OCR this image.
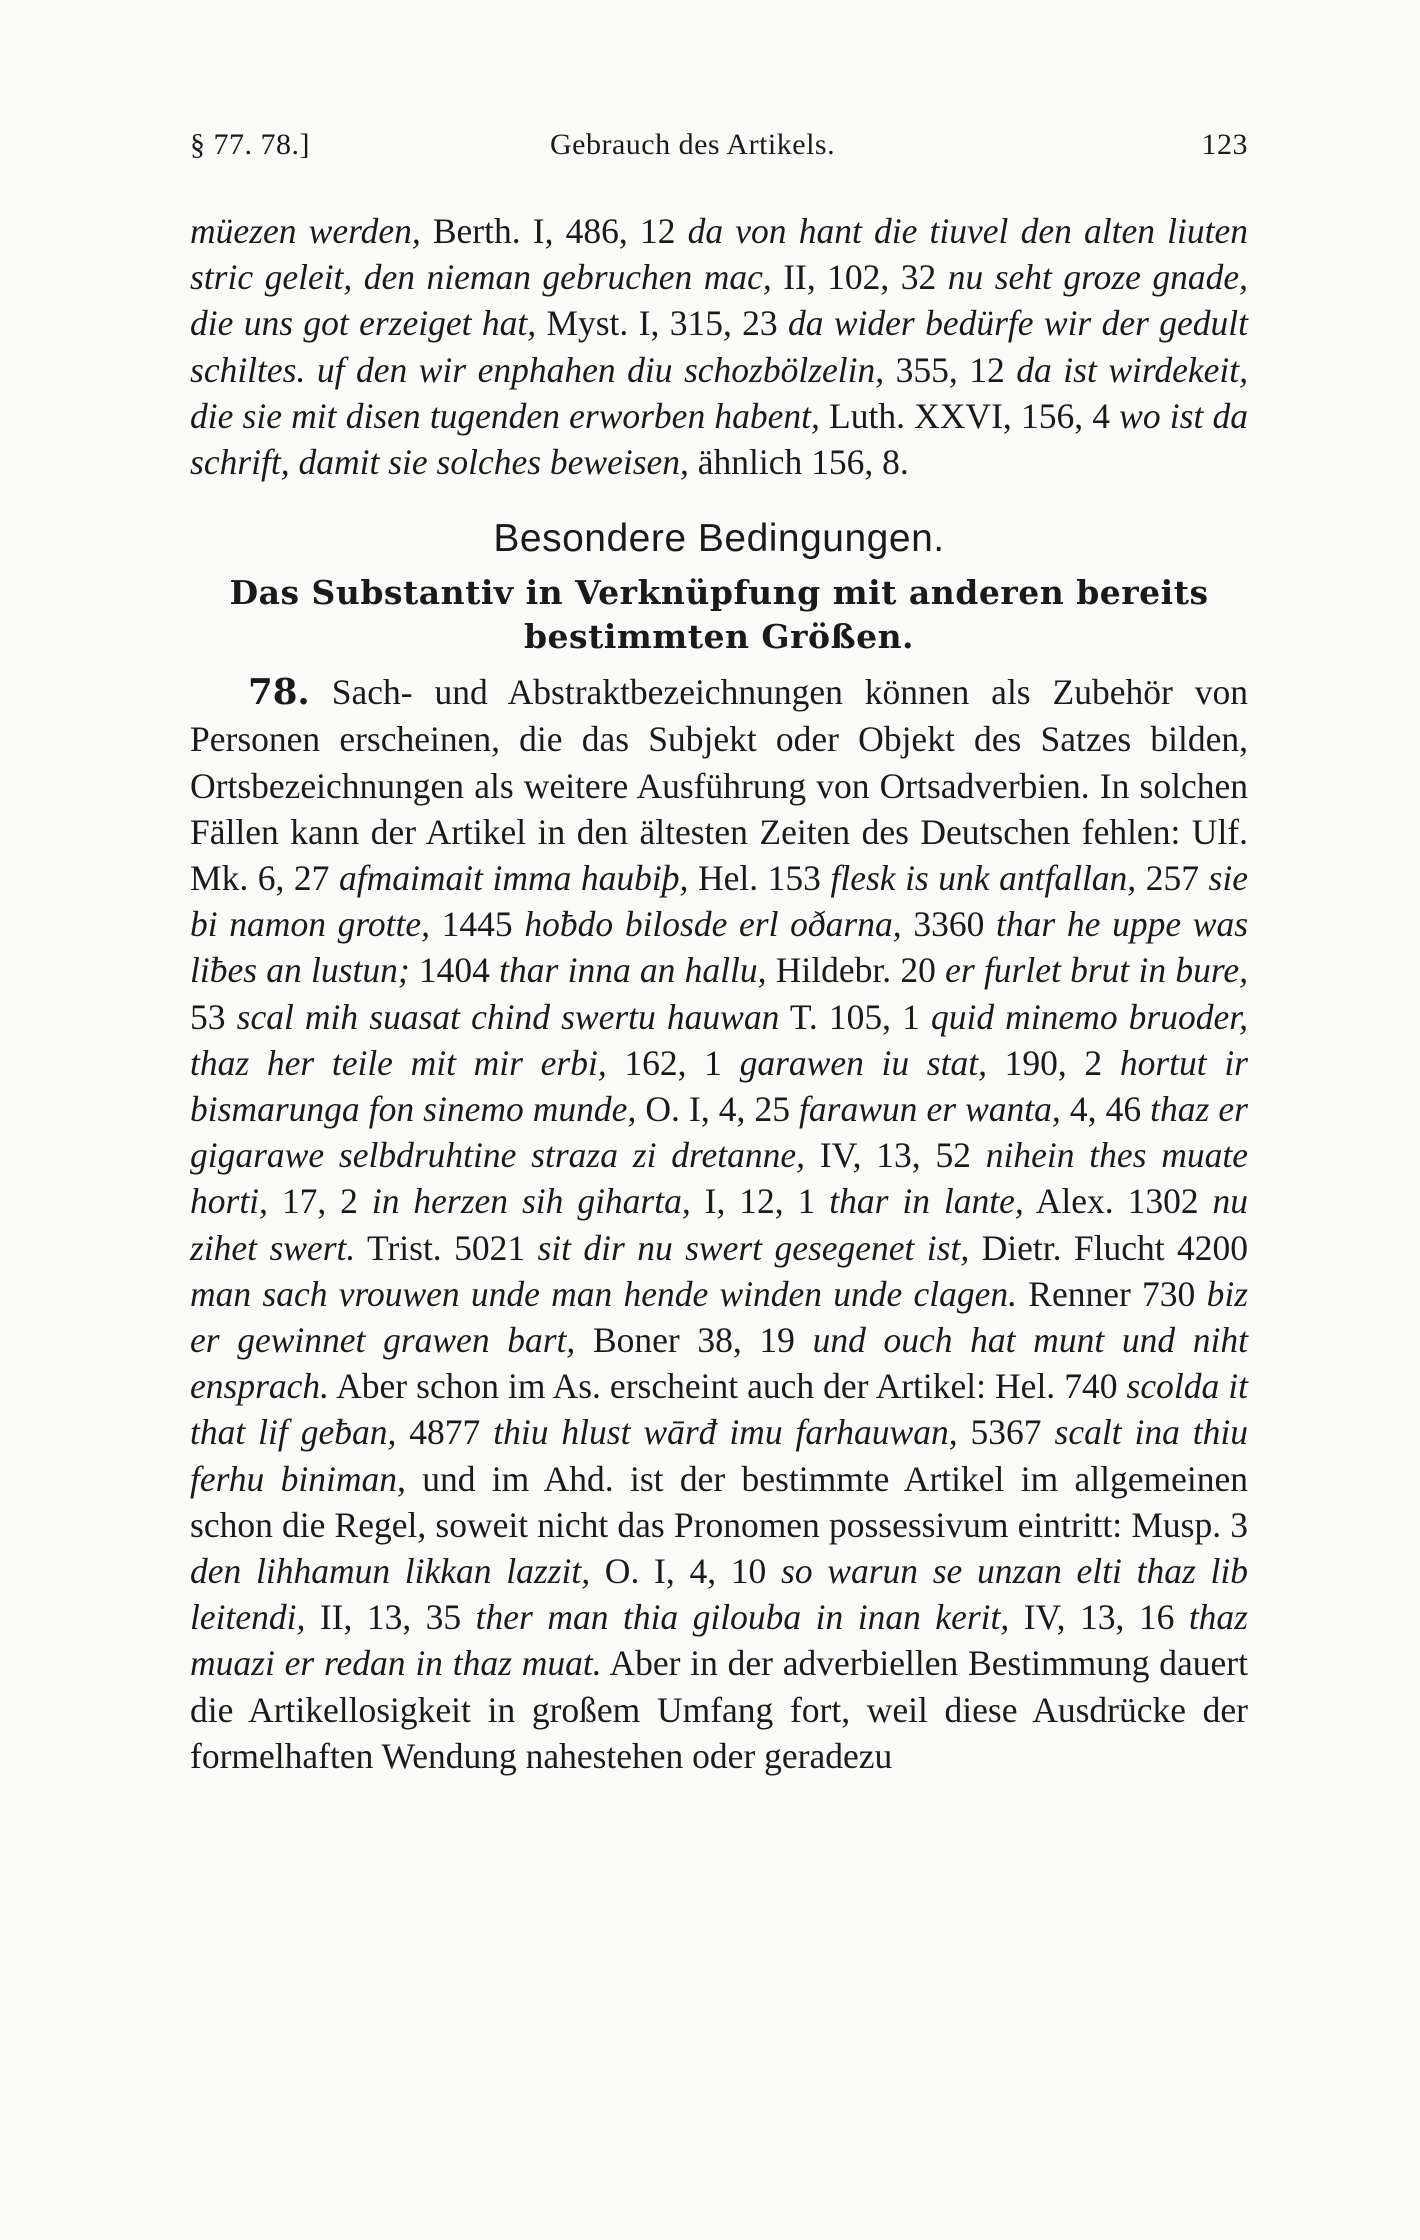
§ 77. 78.]	Gebrauch des Artikels.	123

müezen werden, Berth. I, 486, 12 da von hant die tiuvel den alten liuten stric geleit, den nieman gebruchen mac, II, 102, 32 nu seht groze gnade, die uns got erzeiget hat, Myst. I, 315, 23 da wider bedürfe wir der gedult schiltes. uf den wir enphahen diu schozbölzelin, 355, 12 da ist wirdekeit, die sie mit disen tugenden erworben habent, Luth. XXVI, 156, 4 wo ist da schrift, damit sie solches beweisen, ähnlich 156, 8.

Besondere Bedingungen.
Das Substantiv in Verknüpfung mit anderen bereits bestimmten Größen.

78. Sach- und Abstraktbezeichnungen können als Zubehör von Personen erscheinen, die das Subjekt oder Objekt des Satzes bilden, Ortsbezeichnungen als weitere Ausführung von Ortsadverbien. In solchen Fällen kann der Artikel in den ältesten Zeiten des Deutschen fehlen: Ulf. Mk. 6, 27 afmaimait imma haubiþ, Hel. 153 flesk is unk antfallan, 257 sie bi namon grotte, 1445 hoƀdo bilosde erl oðarna, 3360 thar he uppe was liƀes an lustun; 1404 thar inna an hallu, Hildebr. 20 er furlet brut in bure, 53 scal mih suasat chind swertu hauwan T. 105, 1 quid minemo bruoder, thaz her teile mit mir erbi, 162, 1 garawen iu stat, 190, 2 hortut ir bismarunga fon sinemo munde, O. I, 4, 25 farawun er wanta, 4, 46 thaz er gigarawe selbdruhtine straza zi dretanne, IV, 13, 52 nihein thes muate horti, 17, 2 in herzen sih giharta, I, 12, 1 thar in lante, Alex. 1302 nu zihet swert. Trist. 5021 sit dir nu swert gesegenet ist, Dietr. Flucht 4200 man sach vrouwen unde man hende winden unde clagen. Renner 730 biz er gewinnet grawen bart, Boner 38, 19 und ouch hat munt und niht ensprach. Aber schon im As. erscheint auch der Artikel: Hel. 740 scolda it that lif geƀan, 4877 thiu hlust wārđ imu farhauwan, 5367 scalt ina thiu ferhu biniman, und im Ahd. ist der bestimmte Artikel im allgemeinen schon die Regel, soweit nicht das Pronomen possessivum eintritt: Musp. 3 den lihhamun likkan lazzit, O. I, 4, 10 so warun se unzan elti thaz lib leitendi, II, 13, 35 ther man thia gilouba in inan kerit, IV, 13, 16 thaz muazi er redan in thaz muat. Aber in der adverbiellen Bestimmung dauert die Artikellosigkeit in großem Umfang fort, weil diese Ausdrücke der formelhaften Wendung nahestehen oder geradezu
